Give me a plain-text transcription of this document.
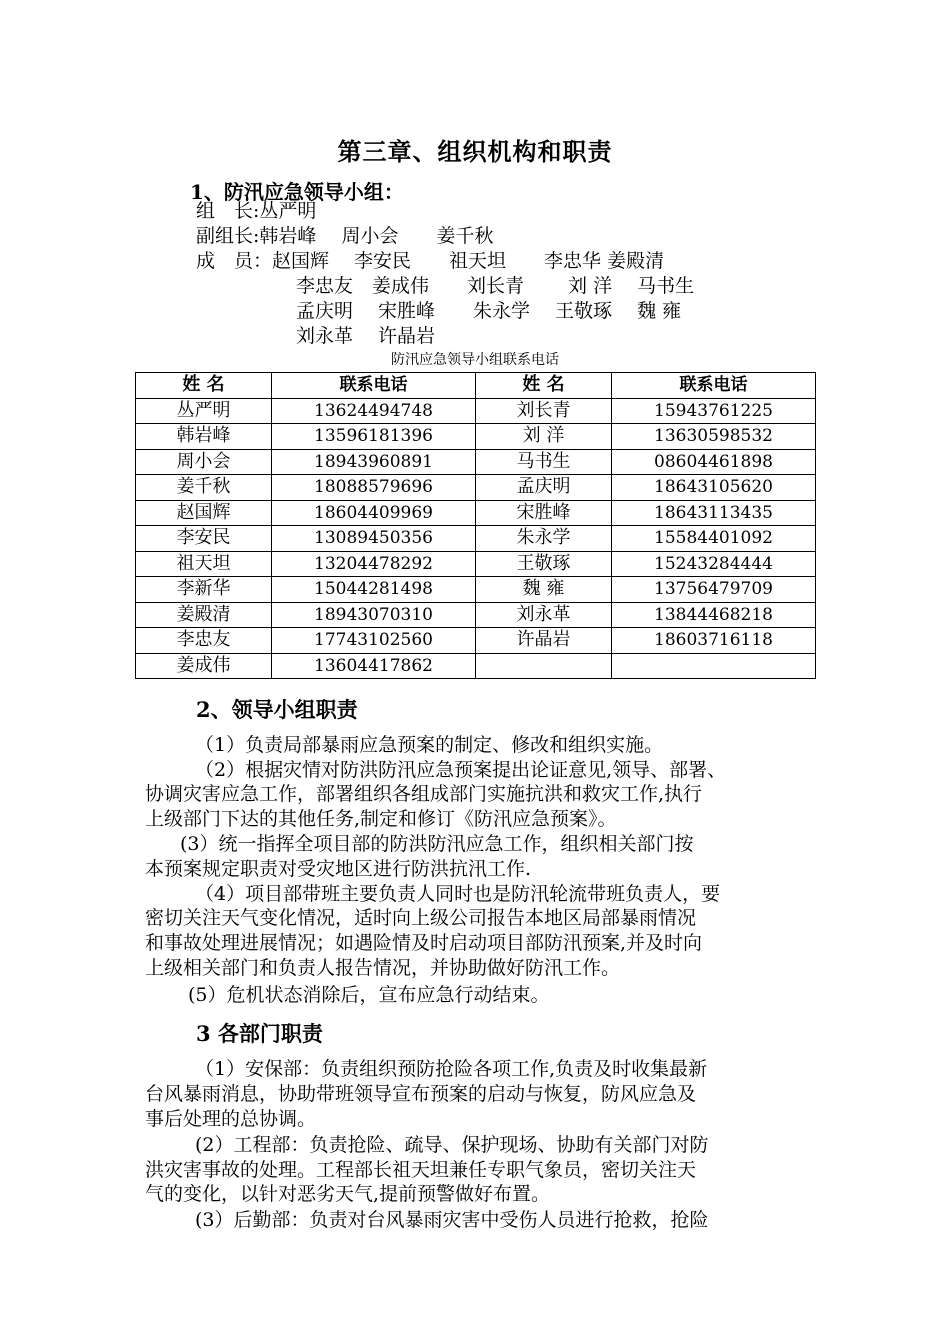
第三章、组织机构和职责
1、防汛应急领导小组：
组　长:丛严明
副组长:韩岩峰　 周小会　　姜千秋
成　员：赵国辉　 李安民　　祖天坦　　李忠华 姜殿清
李忠友　姜成伟　　刘长青　　 刘 洋　 马书生
孟庆明　 宋胜峰　　朱永学　 王敬琢　 魏 雍
刘永革　 许晶岩
防汛应急领导小组联系电话
姓 名	联系电话	姓 名	联系电话
丛严明	13624494748	刘长青	15943761225
韩岩峰	13596181396	刘 洋	13630598532
周小会	18943960891	马书生	08604461898
姜千秋	18088579696	孟庆明	18643105620
赵国辉	18604409969	宋胜峰	18643113435
李安民	13089450356	朱永学	15584401092
祖天坦	13204478292	王敬琢	15243284444
李新华	15044281498	魏 雍	13756479709
姜殿清	18943070310	刘永革	13844468218
李忠友	17743102560	许晶岩	18603716118
姜成伟	13604417862		
2、领导小组职责
（1）负责局部暴雨应急预案的制定、修改和组织实施。
（2）根据灾情对防洪防汛应急预案提出论证意见,领导、部署、
协调灾害应急工作，部署组织各组成部门实施抗洪和救灾工作,执行
上级部门下达的其他任务,制定和修订《防汛应急预案》。
(3）统一指挥全项目部的防洪防汛应急工作，组织相关部门按
本预案规定职责对受灾地区进行防洪抗汛工作.
（4）项目部带班主要负责人同时也是防汛轮流带班负责人，要
密切关注天气变化情况，适时向上级公司报告本地区局部暴雨情况
和事故处理进展情况；如遇险情及时启动项目部防汛预案,并及时向
上级相关部门和负责人报告情况，并协助做好防汛工作。
(5）危机状态消除后，宣布应急行动结束。
3 各部门职责
（1）安保部：负责组织预防抢险各项工作,负责及时收集最新
台风暴雨消息，协助带班领导宣布预案的启动与恢复，防风应急及
事后处理的总协调。
(2）工程部：负责抢险、疏导、保护现场、协助有关部门对防
洪灾害事故的处理。工程部长祖天坦兼任专职气象员，密切关注天
气的变化，以针对恶劣天气,提前预警做好布置。
(3）后勤部：负责对台风暴雨灾害中受伤人员进行抢救，抢险
